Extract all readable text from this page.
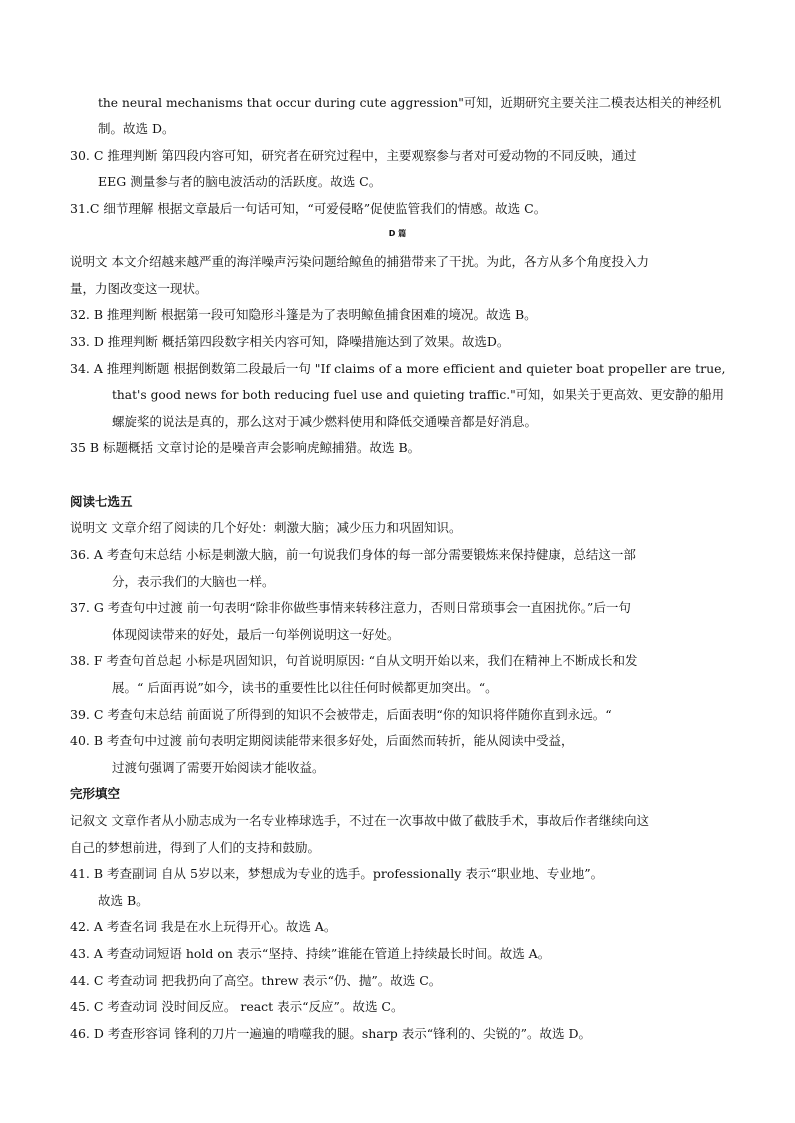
the neural mechanisms that occur during cute aggression"可知，近期研究主要关注二模表达相关的神经机
制。故选 D。
30. C 推理判断 第四段内容可知，研究者在研究过程中，主要观察参与者对可爱动物的不同反映，通过
EEG 测量参与者的脑电波活动的活跃度。故选 C。
31.C 细节理解 根据文章最后一句话可知，“可爱侵略”促使监管我们的情感。故选 C。
D 篇
说明文 本文介绍越来越严重的海洋噪声污染问题给鲸鱼的捕猎带来了干扰。为此，各方从多个角度投入力
量，力图改变这一现状。
32. B 推理判断 根据第一段可知隐形斗篷是为了表明鲸鱼捕食困难的境况。故选 B。
33. D 推理判断 概括第四段数字相关内容可知，降噪措施达到了效果。故选D。
34. A 推理判断题 根据倒数第二段最后一句 "If claims of a more efficient and quieter boat propeller are true,
that's good news for both reducing fuel use and quieting traffic."可知，如果关于更高效、更安静的船用
螺旋桨的说法是真的，那么这对于减少燃料使用和降低交通噪音都是好消息。
35 B 标题概括 文章讨论的是噪音声会影响虎鲸捕猎。故选 B。
阅读七选五
说明文 文章介绍了阅读的几个好处：刺激大脑；减少压力和巩固知识。
36. A 考查句末总结 小标是刺激大脑，前一句说我们身体的每一部分需要锻炼来保持健康，总结这一部
分，表示我们的大脑也一样。
37. G 考查句中过渡 前一句表明“除非你做些事情来转移注意力，否则日常琐事会一直困扰你。”后一句
体现阅读带来的好处，最后一句举例说明这一好处。
38. F 考查句首总起 小标是巩固知识，句首说明原因: “自从文明开始以来，我们在精神上不断成长和发
展。“ 后面再说”如今，读书的重要性比以往任何时候都更加突出。“。
39. C 考查句末总结 前面说了所得到的知识不会被带走，后面表明“你的知识将伴随你直到永远。“
40. B 考查句中过渡 前句表明定期阅读能带来很多好处，后面然而转折，能从阅读中受益，
过渡句强调了需要开始阅读才能收益。
完形填空
记叙文 文章作者从小励志成为一名专业棒球选手，不过在一次事故中做了截肢手术，事故后作者继续向这
自己的梦想前进，得到了人们的支持和鼓励。
41. B 考查副词 自从 5岁以来，梦想成为专业的选手。professionally 表示“职业地、专业地”。
故选 B。
42. A 考查名词 我是在水上玩得开心。故选 A。
43. A 考查动词短语 hold on 表示“坚持、持续”谁能在管道上持续最长时间。故选 A。
44. C 考查动词 把我扔向了高空。threw 表示“仍、抛”。故选 C。
45. C 考查动词 没时间反应。 react 表示“反应”。故选 C。
46. D 考查形容词 锋利的刀片一遍遍的啃噬我的腿。sharp 表示“锋利的、尖锐的”。故选 D。
